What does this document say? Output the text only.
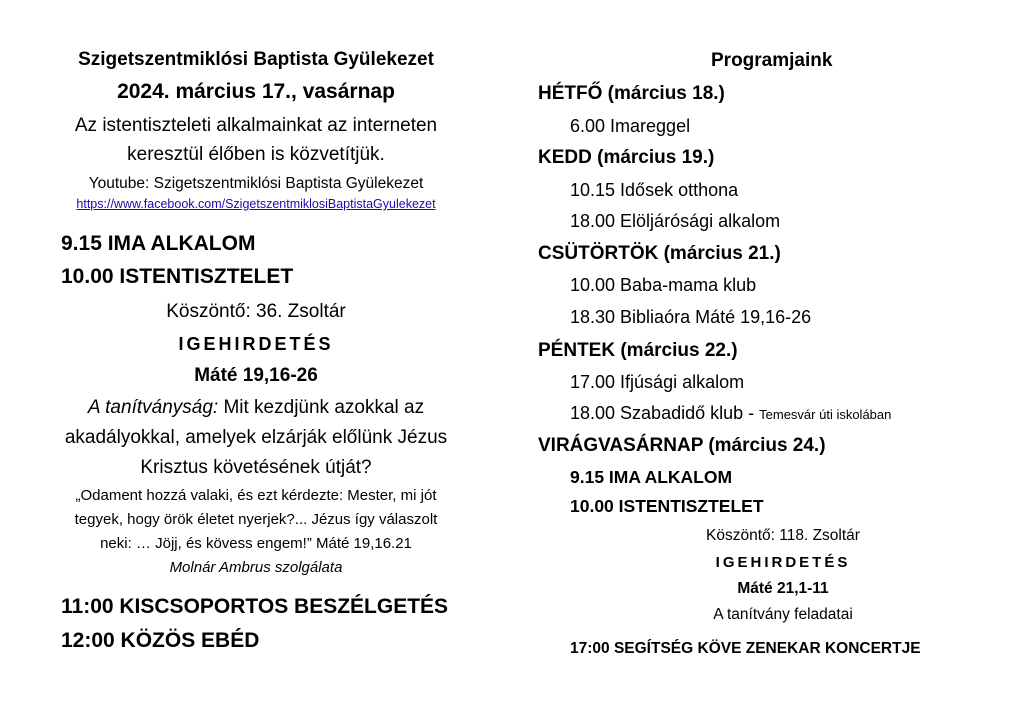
Szigetszentmiklósi Baptista Gyülekezet
2024. március 17., vasárnap
Az istentiszteleti alkalmainkat az interneten
keresztül élőben is közvetítjük.
Youtube: Szigetszentmiklósi Baptista Gyülekezet
https://www.facebook.com/SzigetszentmiklosiBaptistaGyulekezet
9.15 IMA ALKALOM
10.00 ISTENTISZTELET
Köszöntő: 36. Zsoltár
IGEHIRDETÉS
Máté 19,16-26
A tanítványság: Mit kezdjünk azokkal az
akadályokkal, amelyek elzárják előlünk Jézus
Krisztus követésének útját?
„Odament hozzá valaki, és ezt kérdezte: Mester, mi jót
tegyek, hogy örök életet nyerjek?... Jézus így válaszolt
neki: … Jöjj, és kövess engem!” Máté 19,16.21
Molnár Ambrus szolgálata
11:00 KISCSOPORTOS BESZÉLGETÉS
12:00 KÖZÖS EBÉD
Programjaink
HÉTFŐ (március 18.)
6.00 Imareggel
KEDD (március 19.)
10.15 Idősek otthona
18.00 Elöljárósági alkalom
CSÜTÖRTÖK (március 21.)
10.00 Baba-mama klub
18.30 Bibliaóra Máté 19,16-26
PÉNTEK (március 22.)
17.00 Ifjúsági alkalom
18.00 Szabadidő klub - Temesvár úti iskolában
VIRÁGVASÁRNAP (március 24.)
9.15 IMA ALKALOM
10.00 ISTENTISZTELET
Köszöntő: 118. Zsoltár
IGEHIRDETÉS
Máté 21,1-11
A tanítvány feladatai
17:00 SEGÍTSÉG KÖVE ZENEKAR KONCERTJE
